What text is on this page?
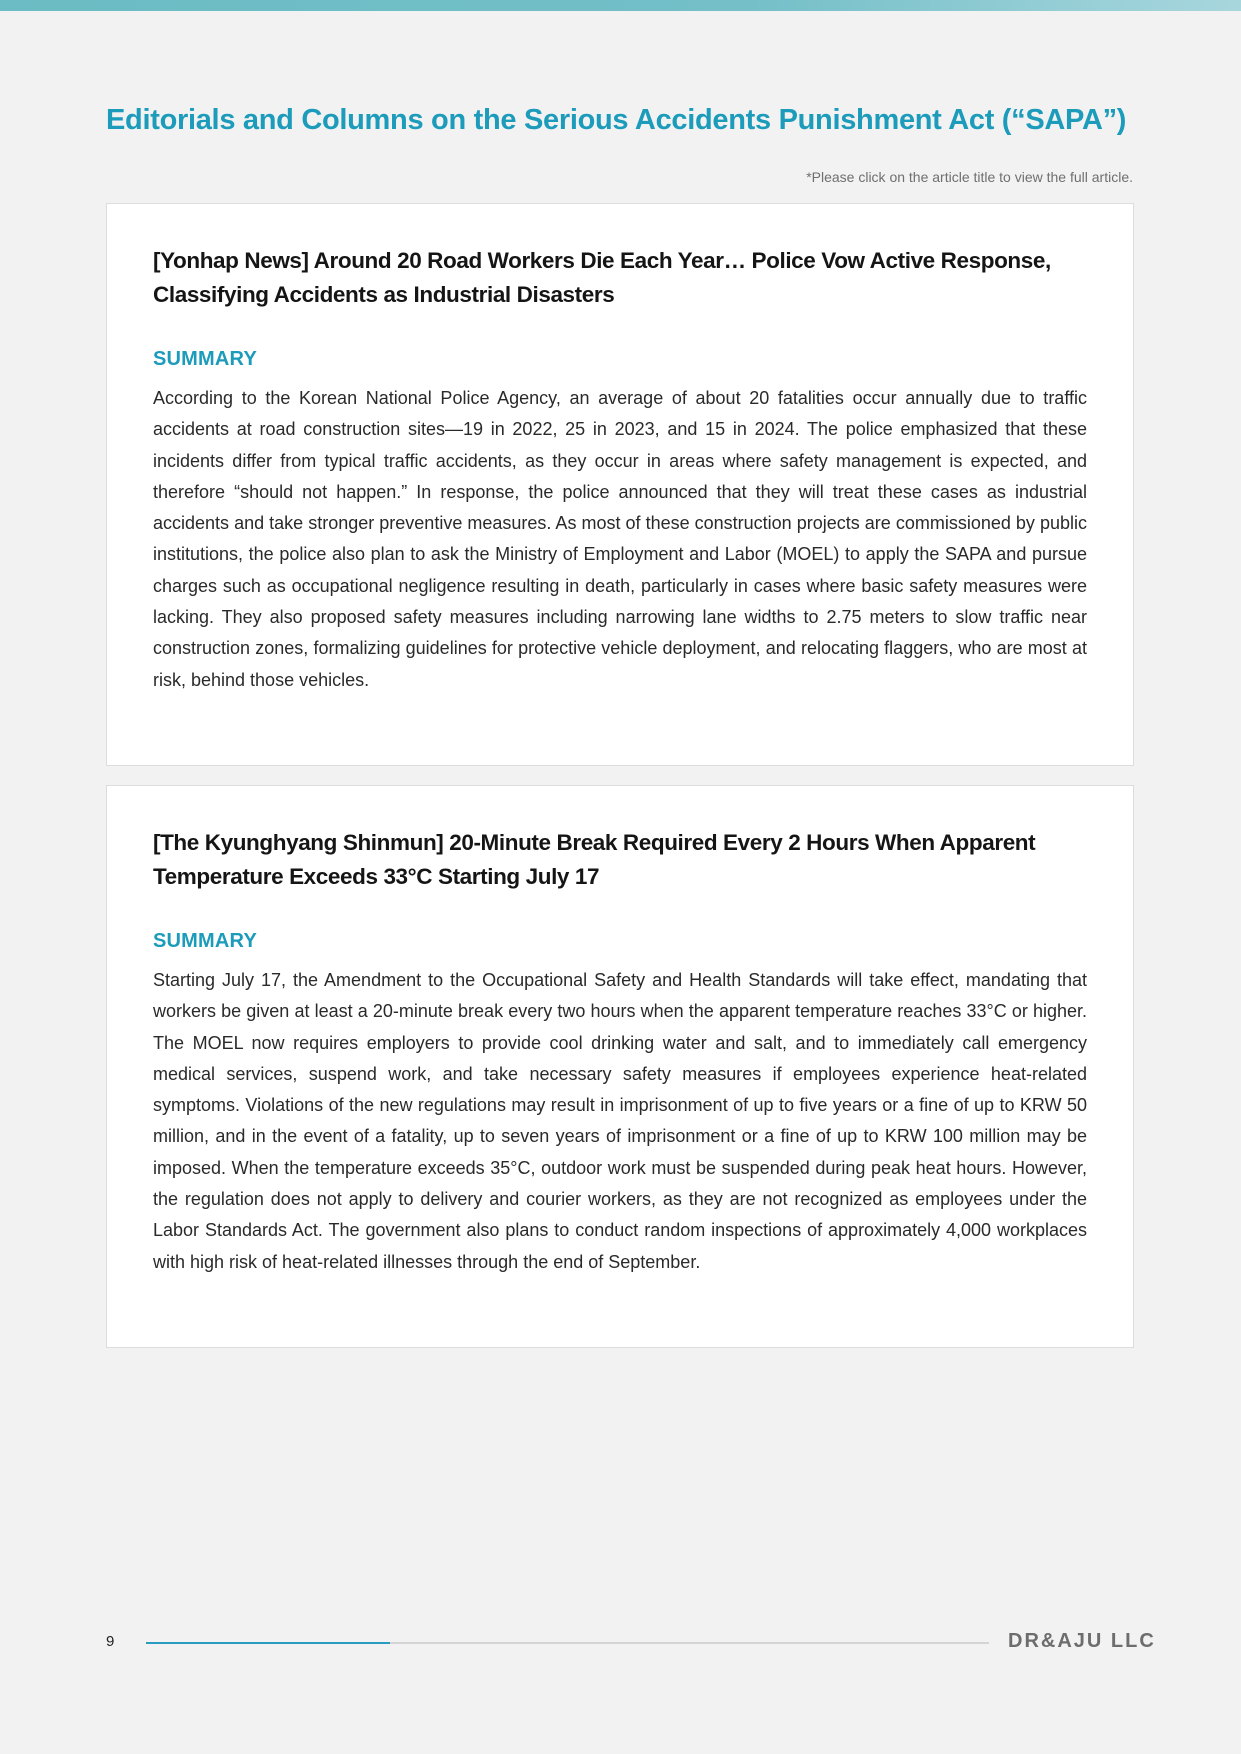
Editorials and Columns on the Serious Accidents Punishment Act (“SAPA”)
*Please click on the article title to view the full article.
[Yonhap News] Around 20 Road Workers Die Each Year… Police Vow Active Response, Classifying Accidents as Industrial Disasters
SUMMARY

According to the Korean National Police Agency, an average of about 20 fatalities occur annually due to traffic accidents at road construction sites—19 in 2022, 25 in 2023, and 15 in 2024. The police emphasized that these incidents differ from typical traffic accidents, as they occur in areas where safety management is expected, and therefore “should not happen.” In response, the police announced that they will treat these cases as industrial accidents and take stronger preventive measures. As most of these construction projects are commissioned by public institutions, the police also plan to ask the Ministry of Employment and Labor (MOEL) to apply the SAPA and pursue charges such as occupational negligence resulting in death, particularly in cases where basic safety measures were lacking. They also proposed safety measures including narrowing lane widths to 2.75 meters to slow traffic near construction zones, formalizing guidelines for protective vehicle deployment, and relocating flaggers, who are most at risk, behind those vehicles.

[The Kyunghyang Shinmun] 20-Minute Break Required Every 2 Hours When Apparent Temperature Exceeds 33°C Starting July 17
SUMMARY

Starting July 17, the Amendment to the Occupational Safety and Health Standards will take effect, mandating that workers be given at least a 20-minute break every two hours when the apparent temperature reaches 33°C or higher. The MOEL now requires employers to provide cool drinking water and salt, and to immediately call emergency medical services, suspend work, and take necessary safety measures if employees experience heat-related symptoms. Violations of the new regulations may result in imprisonment of up to five years or a fine of up to KRW 50 million, and in the event of a fatality, up to seven years of imprisonment or a fine of up to KRW 100 million may be imposed. When the temperature exceeds 35°C, outdoor work must be suspended during peak heat hours. However, the regulation does not apply to delivery and courier workers, as they are not recognized as employees under the Labor Standards Act. The government also plans to conduct random inspections of approximately 4,000 workplaces with high risk of heat-related illnesses through the end of September.

9	DR&AJU LLC
